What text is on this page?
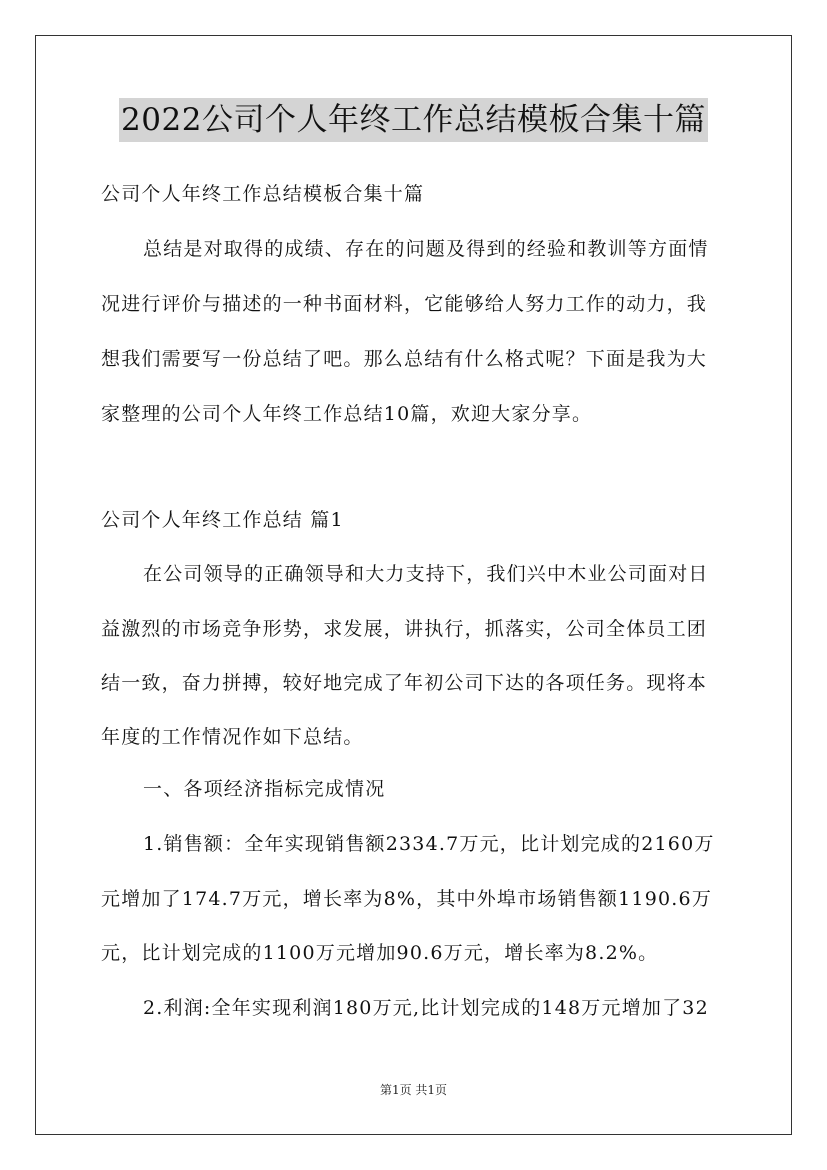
2022公司个人年终工作总结模板合集十篇
公司个人年终工作总结模板合集十篇
总结是对取得的成绩、存在的问题及得到的经验和教训等方面情
况进行评价与描述的一种书面材料，它能够给人努力工作的动力，我
想我们需要写一份总结了吧。那么总结有什么格式呢？下面是我为大
家整理的公司个人年终工作总结10篇，欢迎大家分享。
公司个人年终工作总结 篇1
在公司领导的正确领导和大力支持下，我们兴中木业公司面对日
益激烈的市场竞争形势，求发展，讲执行，抓落实，公司全体员工团
结一致，奋力拼搏，较好地完成了年初公司下达的各项任务。现将本
年度的工作情况作如下总结。
一、各项经济指标完成情况
1.销售额：全年实现销售额2334.7万元，比计划完成的2160万
元增加了174.7万元，增长率为8%，其中外埠市场销售额1190.6万
元，比计划完成的1100万元增加90.6万元，增长率为8.2%。
2.利润:全年实现利润180万元,比计划完成的148万元增加了32
第1页 共1页
